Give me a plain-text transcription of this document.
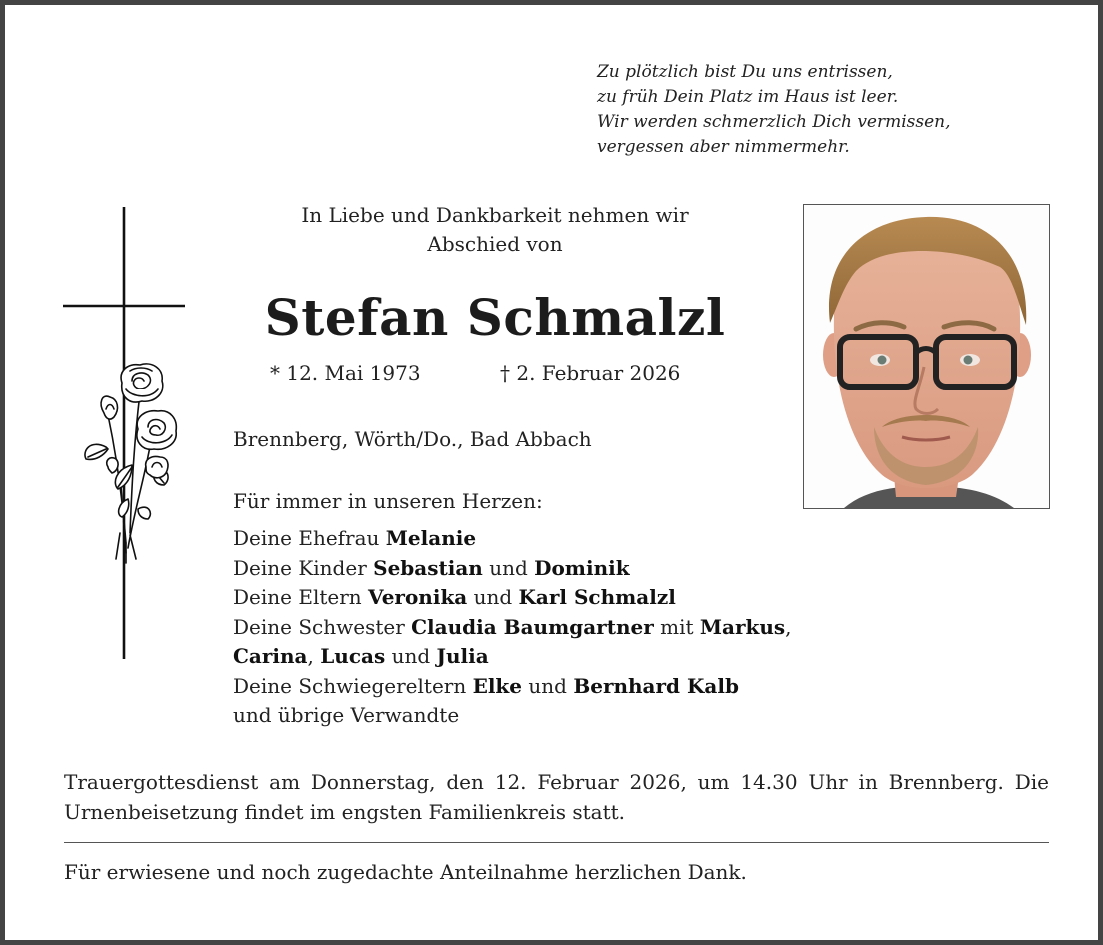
Zu plötzlich bist Du uns entrissen,
zu früh Dein Platz im Haus ist leer.
Wir werden schmerzlich Dich vermissen,
vergessen aber nimmermehr.
In Liebe und Dankbarkeit nehmen wir
Abschied von
Stefan Schmalzl
* 12. Mai 1973	† 2. Februar 2026
Brennberg, Wörth/Do., Bad Abbach
Für immer in unseren Herzen:
Deine Ehefrau Melanie
Deine Kinder Sebastian und Dominik
Deine Eltern Veronika und Karl Schmalzl
Deine Schwester Claudia Baumgartner mit Markus,
Carina, Lucas und Julia
Deine Schwiegereltern Elke und Bernhard Kalb
und übrige Verwandte
Trauergottesdienst am Donnerstag, den 12. Februar 2026, um 14.30 Uhr in Brennberg. Die Urnenbeisetzung findet im engsten Familienkreis statt.
Für erwiesene und noch zugedachte Anteilnahme herzlichen Dank.
